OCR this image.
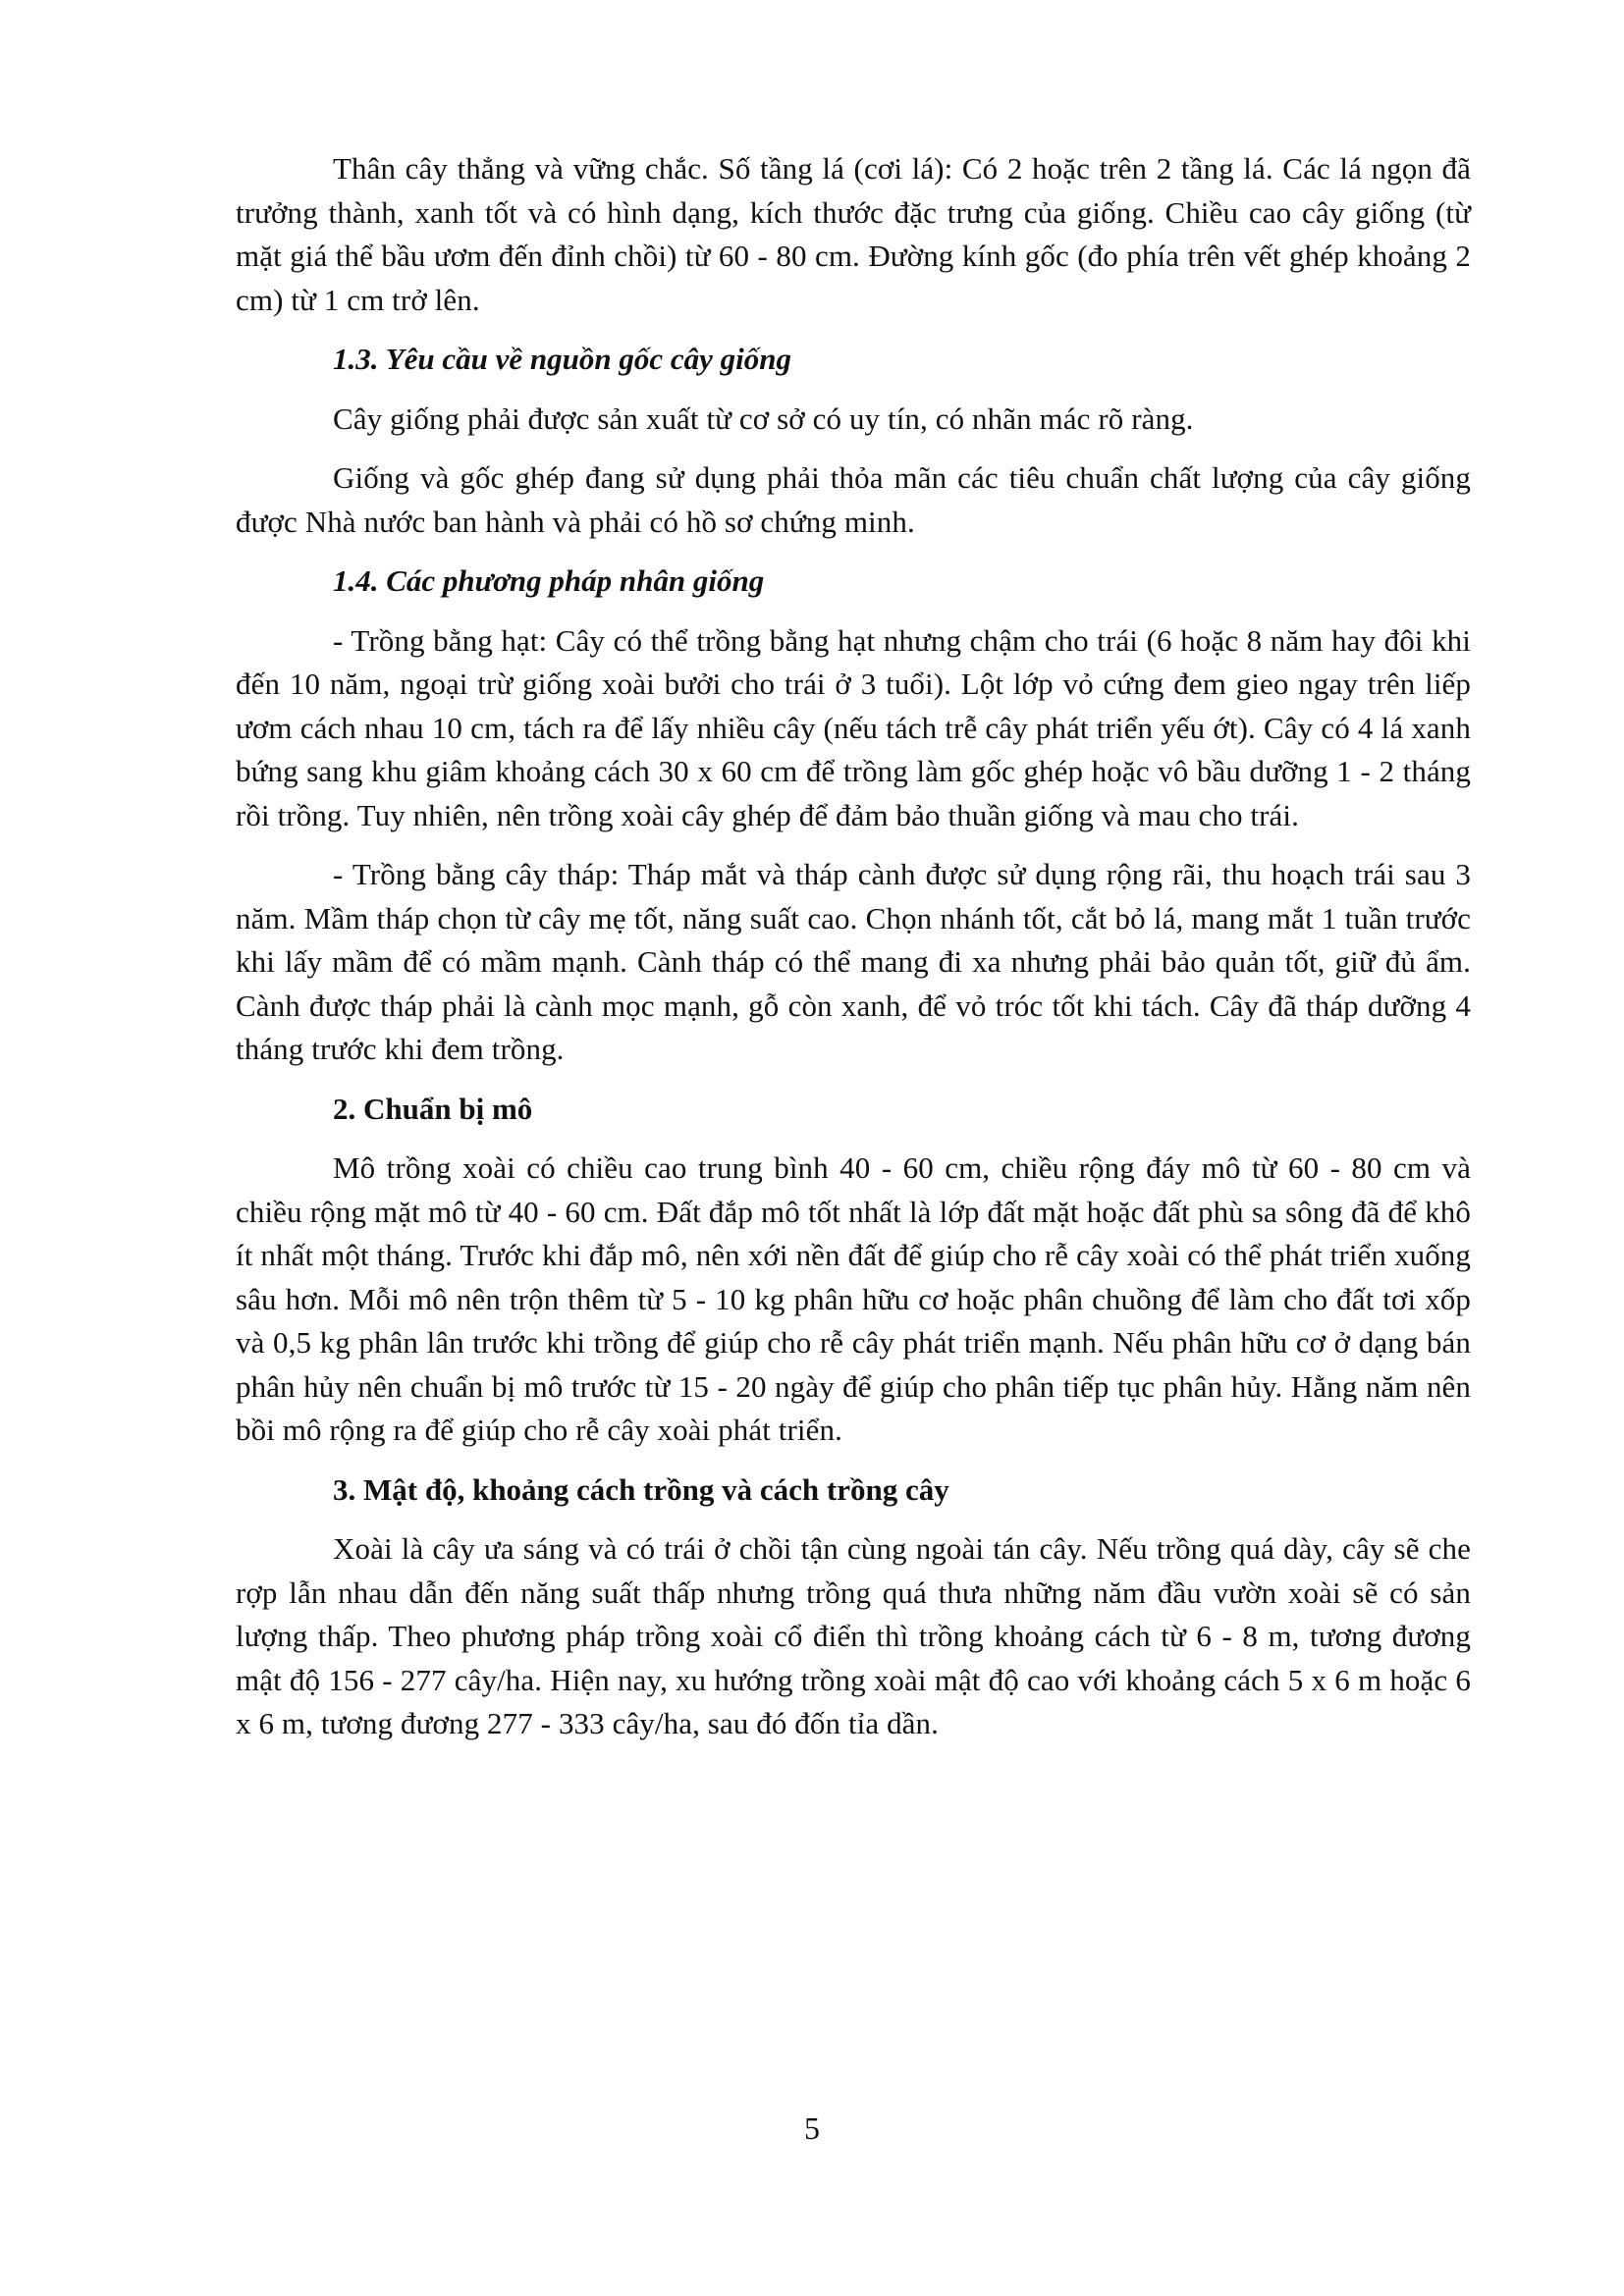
Thân cây thẳng và vững chắc. Số tầng lá (cơi lá): Có 2 hoặc trên 2 tầng lá. Các lá ngọn đã trưởng thành, xanh tốt và có hình dạng, kích thước đặc trưng của giống. Chiều cao cây giống (từ mặt giá thể bầu ươm đến đỉnh chồi) từ 60 - 80 cm. Đường kính gốc (đo phía trên vết ghép khoảng 2 cm) từ 1 cm trở lên.

1.3. Yêu cầu về nguồn gốc cây giống

Cây giống phải được sản xuất từ cơ sở có uy tín, có nhãn mác rõ ràng.

Giống và gốc ghép đang sử dụng phải thỏa mãn các tiêu chuẩn chất lượng của cây giống được Nhà nước ban hành và phải có hồ sơ chứng minh.

1.4. Các phương pháp nhân giống

- Trồng bằng hạt: Cây có thể trồng bằng hạt nhưng chậm cho trái (6 hoặc 8 năm hay đôi khi đến 10 năm, ngoại trừ giống xoài bưởi cho trái ở 3 tuổi). Lột lớp vỏ cứng đem gieo ngay trên liếp ươm cách nhau 10 cm, tách ra để lấy nhiều cây (nếu tách trễ cây phát triển yếu ớt). Cây có 4 lá xanh bứng sang khu giâm khoảng cách 30 x 60 cm để trồng làm gốc ghép hoặc vô bầu dưỡng 1 - 2 tháng rồi trồng. Tuy nhiên, nên trồng xoài cây ghép để đảm bảo thuần giống và mau cho trái.

- Trồng bằng cây tháp: Tháp mắt và tháp cành được sử dụng rộng rãi, thu hoạch trái sau 3 năm. Mầm tháp chọn từ cây mẹ tốt, năng suất cao. Chọn nhánh tốt, cắt bỏ lá, mang mắt 1 tuần trước khi lấy mầm để có mầm mạnh. Cành tháp có thể mang đi xa nhưng phải bảo quản tốt, giữ đủ ẩm. Cành được tháp phải là cành mọc mạnh, gỗ còn xanh, để vỏ tróc tốt khi tách. Cây đã tháp dưỡng 4 tháng trước khi đem trồng.

2. Chuẩn bị mô

Mô trồng xoài có chiều cao trung bình 40 - 60 cm, chiều rộng đáy mô từ 60 - 80 cm và chiều rộng mặt mô từ 40 - 60 cm. Đất đắp mô tốt nhất là lớp đất mặt hoặc đất phù sa sông đã để khô ít nhất một tháng. Trước khi đắp mô, nên xới nền đất để giúp cho rễ cây xoài có thể phát triển xuống sâu hơn. Mỗi mô nên trộn thêm từ 5 - 10 kg phân hữu cơ hoặc phân chuồng để làm cho đất tơi xốp và 0,5 kg phân lân trước khi trồng để giúp cho rễ cây phát triển mạnh. Nếu phân hữu cơ ở dạng bán phân hủy nên chuẩn bị mô trước từ 15 - 20 ngày để giúp cho phân tiếp tục phân hủy. Hằng năm nên bồi mô rộng ra để giúp cho rễ cây xoài phát triển.

3. Mật độ, khoảng cách trồng và cách trồng cây

Xoài là cây ưa sáng và có trái ở chồi tận cùng ngoài tán cây. Nếu trồng quá dày, cây sẽ che rợp lẫn nhau dẫn đến năng suất thấp nhưng trồng quá thưa những năm đầu vườn xoài sẽ có sản lượng thấp. Theo phương pháp trồng xoài cổ điển thì trồng khoảng cách từ 6 - 8 m, tương đương mật độ 156 - 277 cây/ha. Hiện nay, xu hướng trồng xoài mật độ cao với khoảng cách 5 x 6 m hoặc 6 x 6 m, tương đương 277 - 333 cây/ha, sau đó đốn tỉa dần.

5
